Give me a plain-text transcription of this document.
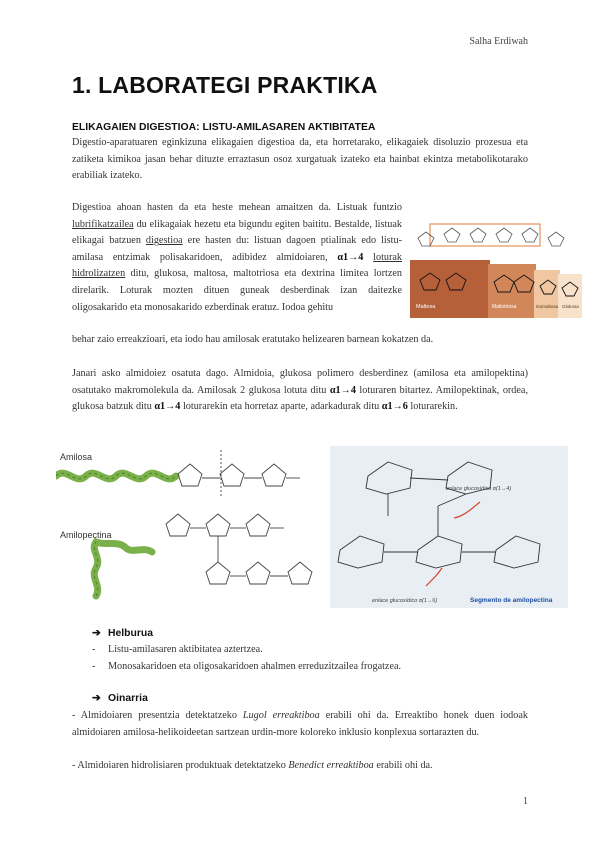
Salha Erdiwah
1. LABORATEGI PRAKTIKA
ELIKAGAIEN DIGESTIOA: LISTU-AMILASAREN AKTIBITATEA

Digestio-aparatuaren eginkizuna elikagaien digestioa da, eta horretarako, elikagaiek disoluzio prozesua eta zatiketa kimikoa jasan behar dituzte erraztasun osoz xurgatuak izateko eta hainbat ekintza metabolikotarako erabiliak izateko.

Digestioa ahoan hasten da eta heste mehean amaitzen da. Listuak funtzio lubrifikatzailea du elikagaiak hezetu eta bigundu egiten baititu. Bestalde, listuak elikagai batzuen digestioa ere hasten du: listuan dagoen ptialinak edo listu-amilasa entzimak polisakaridoen, adibidez almidoiaren, α1→4 loturak hidrolizatzen ditu, glukosa, maltosa, maltotriosa eta dextrina limitea lortzen direlarik. Loturak mozten dituen guneak desberdinak izan daitezke oligosakarido eta monosakarido ezberdinak eratuz. Iodoa gehitu

behar zaio erreakzioari, eta iodo hau amilosak eratutako helizearen barnean kokatzen da.

Maltosa	Maltotriosa	Isomaltosa Glukosa

Janari asko almidoiez osatuta dago. Almidoia, glukosa polimero desberdinez (amilosa eta amilopektina) osatutako makromolekula da. Amilosak 2 glukosa lotuta ditu α1→4 loturaren bitartez. Amilopektinak, ordea, glukosa batzuk ditu α1→4 loturarekin eta horretaz aparte, adarkadurak ditu α1→6 loturarekin.

Amilosa
Amilopectina
enlace glucosídico α(1→4)
enlace glucosídico α(1→6)	Segmento de amilopectina
➔ Helburua
- Listu-amilasaren aktibitatea aztertzea.
- Monosakaridoen eta oligosakaridoen ahalmen erreduzitzailea frogatzea.
➔ Oinarria

- Almidoiaren presentzia detektatzeko Lugol erreaktiboa erabili ohi da. Erreaktibo honek duen iodoak almidoiaren amilosa-helikoideetan sartzean urdin-more koloreko inklusio konplexua sortarazten du.

- Almidoiaren hidrolisiaren produktuak detektatzeko Benedict erreaktiboa erabili ohi da.

1
